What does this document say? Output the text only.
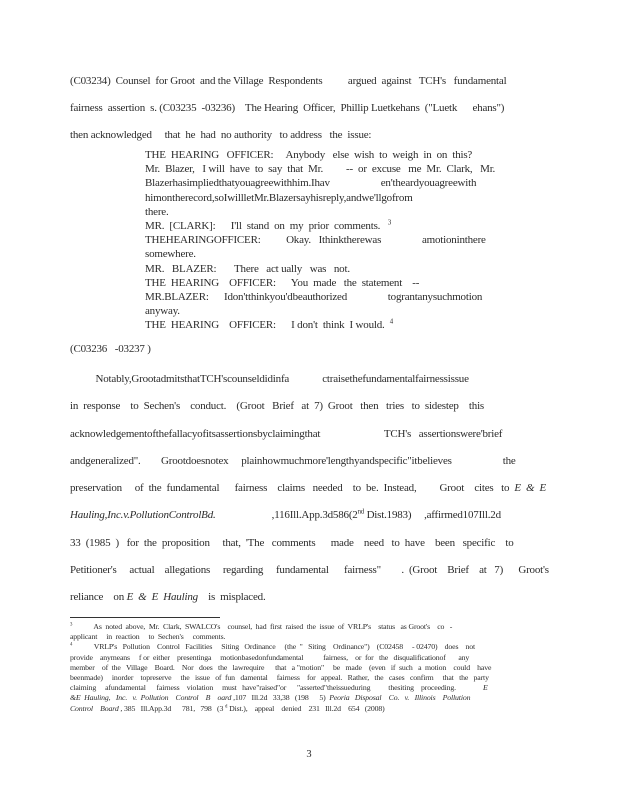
(C03234)  Counsel  for Groot  and the Village  Respondents          argued  against   TCH's   fundamental
fairness  assertion  s. (C03235  -03236)    The Hearing  Officer,  Phillip Luetkehans  ("Luetk      ehans")
then acknowledged     that  he  had  no authority   to address   the  issue:
THE  HEARING   OFFICER:     Anybody   else  wish  to  weigh  in  on  this?
Mr.  Blazer,   I will  have  to  say  that  Mr.         --  or  excuse   me  Mr.  Clark,   Mr.
Blazerhasimpliedthatyouagreewithhim.Ihav                    en'theardyouagreewith
himontherecord,soIwillletMr.Blazersayhisreply,andwe'llgofrom
there.
MR.  [CLARK]:      I'll  stand  on  my  prior  comments.   $^3$
THEHEARINGOFFICER:          Okay.   Ithinktherewas                amotioninthere
somewhere.
MR.   BLAZER:       There   act ually   was   not.
THE  HEARING    OFFICER:      You  made   the  statement    --
MR.BLAZER:      Idon'tthinkyou'dbeauthorized                tograntanysuchmotion
anyway.
THE  HEARING    OFFICER:      I don't  think  I would.  $^4$
(C03236   -03237 )
Notably,GrootadmitsthatTCH'scounseldidinfa             ctraisethefundamentalfairnessissue
in  response    to  Sechen's    conduct.    (Groot   Brief   at  7)  Groot   then   tries   to  sidestep    this
acknowledgementofthefallacyofitsassertionsbyclaimingthat                         TCH's   assertionswere'brief
andgeneralized".        Grootdoesnotex     plainhowmuchmore'lengthyandspecific"itbelieves                    the
preservation     of  the  fundamental      fairness    claims   needed    to  be.  Instead,         Groot    cites   to  E  &  E
Hauling,Inc.v.PollutionControlBd.                      ,116Ill.App.3d586(2nd Dist.1983)     ,affirmed107Ill.2d
33  (1985  )   for  the  proposition     that,  'The   comments      made    need   to  have    been   specific    to
Petitioner's     actual    allegations     regarding     fundamental      fairness"        .  (Groot    Brief    at   7)      Groot's
reliance    on E  &  E  Hauling    is  misplaced.
$^3$            As  noted  above,  Mr.  Clark,  SWALCO's    counsel,  had  first  raised  the  issue  of  VRLP's    status   as Groot's    co   -
applicant     in  reaction     to  Sechen's     comments.
$^4$            VRLP's   Pollution    Control   Facilities     Siting   Ordinance     (the  "   Siting    Ordinance")    (C02458     - 02470)    does    not
provide    anymeans     f or  either    presentinga     motionbasedonfundamental           fairness,    or  for   the   disqualificationof       any
member    of  the   Village    Board.    Nor   does   the   lawrequire      that   a "motion"     be   made    (even   if  such   a  motion    could    have
beenmade)     inorder    topreserve     the   issue   of  fun   damental     fairness    for   appeal.   Rather,   the   cases   confirm     that   the   party
claiming     afundamental      fairness    violation     must   have"raised"or      "asserted"theissueduring          thesiting    proceeding.               E
&E  Hauling,   Inc.   v.  Pollution    Control    B oard ,107   Ill.2d   33,38   (198      5)  Peoria   Disposal    Co.   v.   Illinois    Pollution
Control    Board , 385   Ill.App.3d      781,   798   (3 $^d$ Dist.),    appeal    denied    231   Ill.2d    654   (2008)
3
